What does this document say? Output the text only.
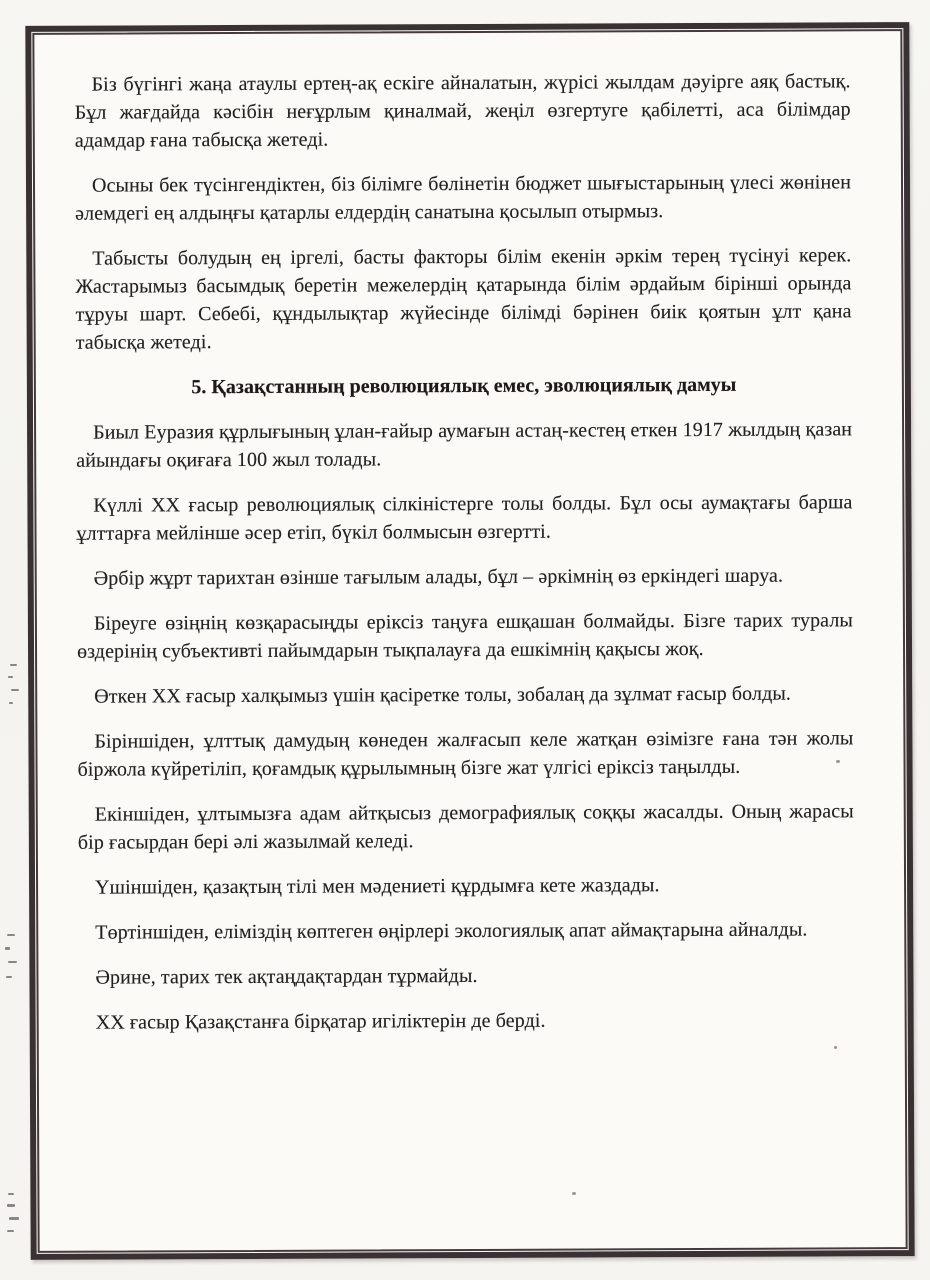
Біз бүгінгі жаңа атаулы ертең-ақ ескіге айналатын, жүрісі жылдам дәуірге аяқ бастық. Бұл жағдайда кәсібін неғұрлым қиналмай, жеңіл өзгертуге қабілетті, аса білімдар адамдар ғана табысқа жетеді.

Осыны бек түсінгендіктен, біз білімге бөлінетін бюджет шығыстарының үлесі жөнінен әлемдегі ең алдыңғы қатарлы елдердің санатына қосылып отырмыз.

Табысты болудың ең іргелі, басты факторы білім екенін әркім терең түсінуі керек. Жастарымыз басымдық беретін межелердің қатарында білім әрдайым бірінші орында тұруы шарт. Себебі, құндылықтар жүйесінде білімді бәрінен биік қоятын ұлт қана табысқа жетеді.

5. Қазақстанның революциялық емес, эволюциялық дамуы

Биыл Еуразия құрлығының ұлан-ғайыр аумағын астаң-кестең еткен 1917 жылдың қазан айындағы оқиғаға 100 жыл толады.

Күллі XX ғасыр революциялық сілкіністерге толы болды. Бұл осы аумақтағы барша ұлттарға мейлінше әсер етіп, бүкіл болмысын өзгертті.

Әрбір жұрт тарихтан өзінше тағылым алады, бұл – әркімнің өз еркіндегі шаруа.

Біреуге өзіңнің көзқарасыңды еріксіз таңуға ешқашан болмайды. Бізге тарих туралы өздерінің субъективті пайымдарын тықпалауға да ешкімнің қақысы жоқ.

Өткен XX ғасыр халқымыз үшін қасіретке толы, зобалаң да зұлмат ғасыр болды.

Біріншіден, ұлттық дамудың көнеден жалғасып келе жатқан өзімізге ғана тән жолы біржола күйретіліп, қоғамдық құрылымның бізге жат үлгісі еріксіз таңылды.

Екіншіден, ұлтымызға адам айтқысыз демографиялық соққы жасалды. Оның жарасы бір ғасырдан бері әлі жазылмай келеді.

Үшіншіден, қазақтың тілі мен мәдениеті құрдымға кете жаздады.

Төртіншіден, еліміздің көптеген өңірлері экологиялық апат аймақтарына айналды.

Әрине, тарих тек ақтаңдақтардан тұрмайды.

XX ғасыр Қазақстанға бірқатар игіліктерін де берді.
